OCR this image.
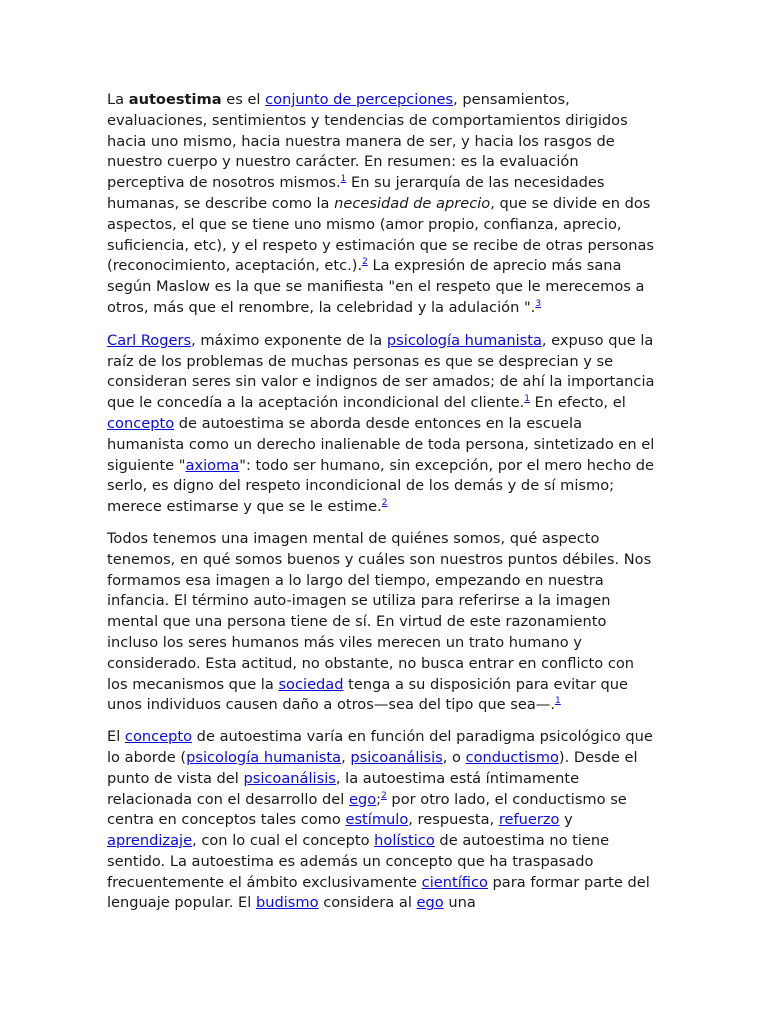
La autoestima es el conjunto de percepciones, pensamientos, evaluaciones, sentimientos y tendencias de comportamientos dirigidos hacia uno mismo, hacia nuestra manera de ser, y hacia los rasgos de nuestro cuerpo y nuestro carácter. En resumen: es la evaluación perceptiva de nosotros mismos.$^1$ En su jerarquía de las necesidades humanas, se describe como la necesidad de aprecio, que se divide en dos aspectos, el que se tiene uno mismo (amor propio, confianza, aprecio, suficiencia, etc), y el respeto y estimación que se recibe de otras personas (reconocimiento, aceptación, etc.).$^2$ La expresión de aprecio más sana según Maslow es la que se manifiesta "en el respeto que le merecemos a otros, más que el renombre, la celebridad y la adulación ".$^3$

Carl Rogers, máximo exponente de la psicología humanista, expuso que la raíz de los problemas de muchas personas es que se desprecian y se consideran seres sin valor e indignos de ser amados; de ahí la importancia que le concedía a la aceptación incondicional del cliente.$^1$ En efecto, el concepto de autoestima se aborda desde entonces en la escuela humanista como un derecho inalienable de toda persona, sintetizado en el siguiente "axioma": todo ser humano, sin excepción, por el mero hecho de serlo, es digno del respeto incondicional de los demás y de sí mismo; merece estimarse y que se le estime.$^2$

Todos tenemos una imagen mental de quiénes somos, qué aspecto tenemos, en qué somos buenos y cuáles son nuestros puntos débiles. Nos formamos esa imagen a lo largo del tiempo, empezando en nuestra infancia. El término auto-imagen se utiliza para referirse a la imagen mental que una persona tiene de sí. En virtud de este razonamiento incluso los seres humanos más viles merecen un trato humano y considerado. Esta actitud, no obstante, no busca entrar en conflicto con los mecanismos que la sociedad tenga a su disposición para evitar que unos individuos causen daño a otros—sea del tipo que sea—.$^1$

El concepto de autoestima varía en función del paradigma psicológico que lo aborde (psicología humanista, psicoanálisis, o conductismo). Desde el punto de vista del psicoanálisis, la autoestima está íntimamente relacionada con el desarrollo del ego;$^2$ por otro lado, el conductismo se centra en conceptos tales como estímulo, respuesta, refuerzo y aprendizaje, con lo cual el concepto holístico de autoestima no tiene sentido. La autoestima es además un concepto que ha traspasado frecuentemente el ámbito exclusivamente científico para formar parte del lenguaje popular. El budismo considera al ego una
